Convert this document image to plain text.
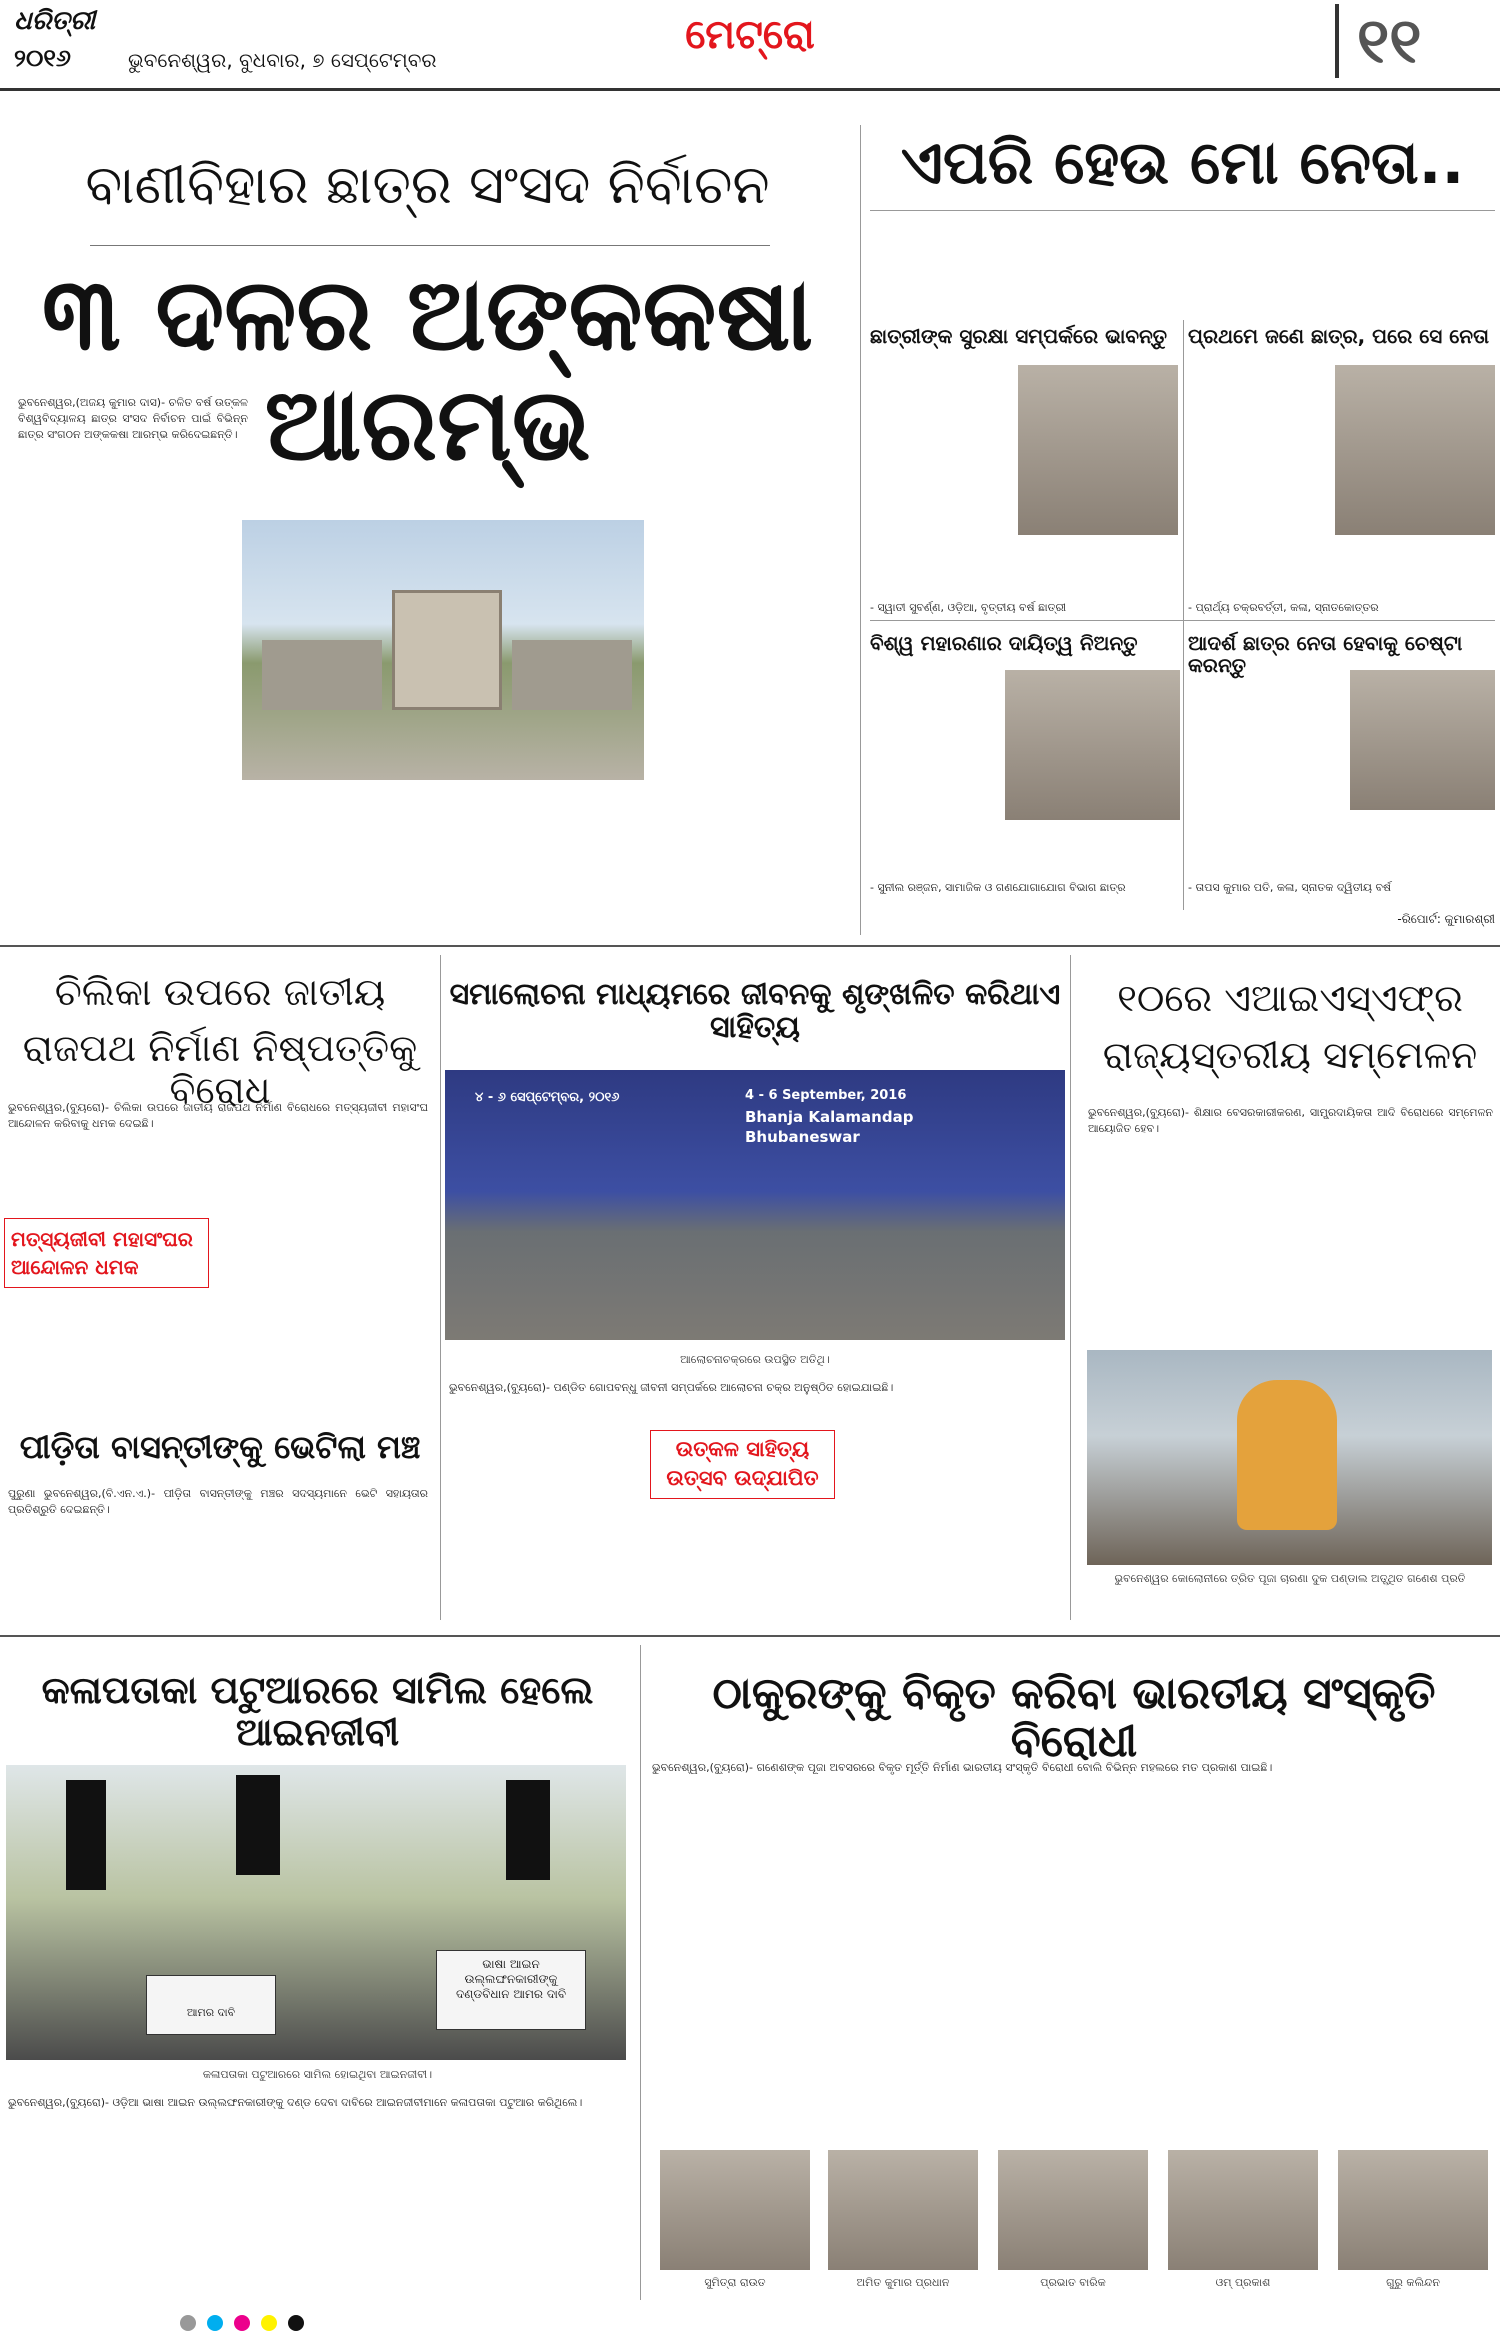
ଧରିତ୍ରୀ
୨୦୧୬	ଭୁବନେଶ୍ୱର, ବୁଧବାର, ୭ ସେପ୍ଟେମ୍ବର
ମେଟ୍ରୋ	୧୧
ବାଣୀବିହାର ଛାତ୍ର ସଂସଦ ନିର୍ବାଚନ
୩ ଦଳର ଅଙ୍କକଷା ଆରମ୍ଭ
ଭୁବନେଶ୍ୱର,(ଅଜୟ କୁମାର ଦାସ)- ଚଳିତ ବର୍ଷ ଉତ୍କଳ ବିଶ୍ୱବିଦ୍ୟାଳୟ ଛାତ୍ର ସଂସଦ ନିର୍ବାଚନ ପାଇଁ ବିଭିନ୍ନ ଛାତ୍ର ସଂଗଠନ ଅଙ୍କକଷା ଆରମ୍ଭ କରିଦେଇଛନ୍ତି।
ଏପରି ହେଉ ମୋ ନେତା..
ଛାତ୍ରୀଙ୍କ ସୁରକ୍ଷା ସମ୍ପର୍କରେ ଭାବନ୍ତୁ
- ସ୍ୱାତୀ ସୁବର୍ଣ୍ଣ, ଓଡ଼ିଆ, ବୃତ୍ତୀୟ ବର୍ଷ ଛାତ୍ରୀ
ପ୍ରଥମେ ଜଣେ ଛାତ୍ର, ପରେ ସେ ନେତା
- ପ୍ରାର୍ଥ୍ୟ ଚକ୍ରବର୍ତ୍ତୀ, କଳା, ସ୍ନାତକୋତ୍ତର
ବିଶ୍ୱ ମହାରଣାର ଦାୟିତ୍ୱ ନିଅନ୍ତୁ
- ସୁନୀଲ ରଞ୍ଜନ, ସାମାଜିକ ଓ ଗଣଯୋଗାଯୋଗ ବିଭାଗ ଛାତ୍ର
ଆଦର୍ଶ ଛାତ୍ର ନେତା ହେବାକୁ ଚେଷ୍ଟା କରନ୍ତୁ
- ତାପସ କୁମାର ପତି, କଳା, ସ୍ନାତକ ଦ୍ୱିତୀୟ ବର୍ଷ
-ରିପୋର୍ଟ: କୁମାରଶ୍ରୀ
ଚିଲିକା ଉପରେ ଜାତୀୟ
ରାଜପଥ ନିର୍ମାଣ ନିଷ୍ପତ୍ତିକୁ ବିରୋଧ
ଭୁବନେଶ୍ୱର,(ବ୍ୟୁରୋ)- ଚିଲିକା ଉପରେ ଜାତୀୟ ରାଜପଥ ନିର୍ମାଣ ବିରୋଧରେ ମତ୍ସ୍ୟଜୀବୀ ମହାସଂଘ ଆନ୍ଦୋଳନ କରିବାକୁ ଧମକ ଦେଇଛି।
ମତ୍ସ୍ୟଜୀବୀ ମହାସଂଘର ଆନ୍ଦୋଳନ ଧମକ
ପୀଡ଼ିତା ବାସନ୍ତୀଙ୍କୁ ଭେଟିଲା ମଞ୍ଚ
ପୁରୁଣା ଭୁବନେଶ୍ୱର,(ବି.ଏନ.ଏ.)- ପୀଡ଼ିତା ବାସନ୍ତୀଙ୍କୁ ମଞ୍ଚର ସଦସ୍ୟମାନେ ଭେଟି ସହାୟତାର ପ୍ରତିଶ୍ରୁତି ଦେଇଛନ୍ତି।
ସମାଲୋଚନା ମାଧ୍ୟମରେ ଜୀବନକୁ ଶୃଙ୍ଖଳିତ କରିଥାଏ ସାହିତ୍ୟ
୪ - ୬ ସେପ୍ଟେମ୍ବର, ୨୦୧୬	4 - 6 September, 2016
Bhanja Kalamandap
Bhubaneswar
ଆଲୋଚନାଚକ୍ରରେ ଉପସ୍ଥିତ ଅତିଥି।
ଭୁବନେଶ୍ୱର,(ବ୍ୟୁରୋ)- ପଣ୍ଡିତ ଗୋପବନ୍ଧୁ ଜୀବନୀ ସମ୍ପର୍କରେ ଆଲୋଚନା ଚକ୍ର ଅନୁଷ୍ଠିତ ହୋଇଯାଇଛି।
ଉତ୍କଳ ସାହିତ୍ୟ ଉତ୍ସବ ଉଦ୍ଯାପିତ
୧୦ରେ ଏଆଇଏସ୍ଏଫ୍‌ର
ରାଜ୍ୟସ୍ତରୀୟ ସମ୍ମେଳନ
ଭୁବନେଶ୍ୱର,(ବ୍ୟୁରୋ)- ଶିକ୍ଷାର ବେସରକାରୀକରଣ, ସାମ୍ପ୍ରଦାୟିକତା ଆଦି ବିରୋଧରେ ସମ୍ମେଳନ ଆୟୋଜିତ ହେବ।
ଭୁବନେଶ୍ୱର କୋଲୋନୀରେ ତ୍ରିତ ପୂଜା ଚାରଣା ଦୁକ ପଣ୍ଡାଲ ଅତ୍ସ୍ଥିତ ଗଣେଶ ପ୍ରତି
କଳାପତାକା ପଟୁଆରରେ ସାମିଲ ହେଲେ ଆଇନଜୀବୀ
ଆମର ଦାବି
ଭାଷା ଆଇନ ଉଲ୍ଲଙ୍ଘନକାରୀଙ୍କୁ ଦଣ୍ଡବିଧାନ ଆମର ଦାବି
କଳାପତାକା ପଟୁଆରରେ ସାମିଲ ହୋଇଥିବା ଆଇନଜୀବୀ।
ଭୁବନେଶ୍ୱର,(ବ୍ୟୁରୋ)- ଓଡ଼ିଆ ଭାଷା ଆଇନ ଉଲ୍ଲଙ୍ଘନକାରୀଙ୍କୁ ଦଣ୍ଡ ଦେବା ଦାବିରେ ଆଇନଜୀବୀମାନେ କଳାପତାକା ପଟୁଆର କରିଥିଲେ।
ଠାକୁରଙ୍କୁ ବିକୃତ କରିବା ଭାରତୀୟ ସଂସ୍କୃତି ବିରୋଧୀ
ଭୁବନେଶ୍ୱର,(ବ୍ୟୁରୋ)- ଗଣେଶଙ୍କ ପୂଜା ଅବସରରେ ବିକୃତ ମୂର୍ତ୍ତି ନିର୍ମାଣ ଭାରତୀୟ ସଂସ୍କୃତି ବିରୋଧୀ ବୋଲି ବିଭିନ୍ନ ମହଲରେ ମତ ପ୍ରକାଶ ପାଇଛି।
ସୁମିତ୍ରା ରାଉତ	ଅମିତ କୁମାର ପ୍ରଧାନ	ପ୍ରଭାତ ବାରିକ	ଓମ୍ ପ୍ରକାଶ	ଗୁରୁ କଲିନ୍ଦନ
